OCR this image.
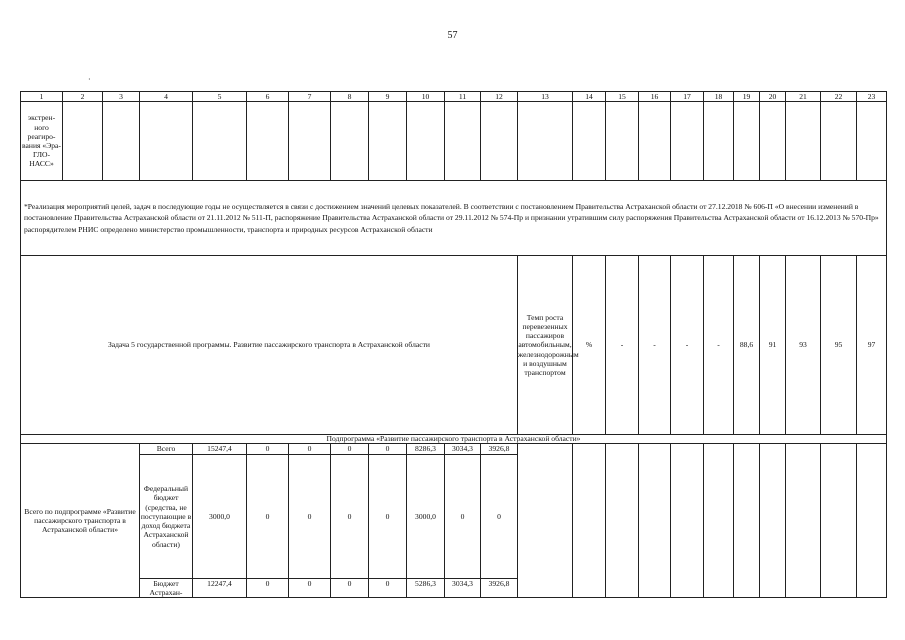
57
·
1	2	3	4	5	6	7	8	9	10	11	12	13	14	15	16	17	18	19	20	21	22	23
экстрен-ного реагиро-вания «Эра-ГЛО-НАСС»																						
*Реализация мероприятий целей, задач в последующие годы не осуществляется в связи с достижением значений целевых показателей. В соответствии с постановлением Правительства Астраханской области от 27.12.2018 № 606-П «О внесении изменений в постановление Правительства Астраханской области от 21.11.2012 № 511-П, распоряжение Правительства Астраханской области от 29.11.2012 № 574-Пр и признании утратившим силу распоряжения Правительства Астраханской области от 16.12.2013 № 570-Пр» распорядителем РНИС определено министерство промышленности, транспорта и природных ресурсов Астраханской области																						
Задача 5 государственной программы. Развитие пассажирского транспорта в Астраханской области												Темп роста перевезенных пассажиров автомобильным, железнодорожным и воздушным транспортом	%	-	-	-	-	88,6	91	93	95	97
Подпрограмма «Развитие пассажирского транспорта в Астраханской области»																						
Всего по подпрограмме «Развитие пассажирского транспорта в Астраханской области»			Всего	15247,4	0	0	0	0	8286,3	3034,3	3926,8											
			Федеральный бюджет (средства, не поступающие в доход бюджета Астраханской области)	3000,0	0	0	0	0	3000,0	0	0											
			Бюджет Астрахан-	12247,4	0	0	0	0	5286,3	3034,3	3926,8											
